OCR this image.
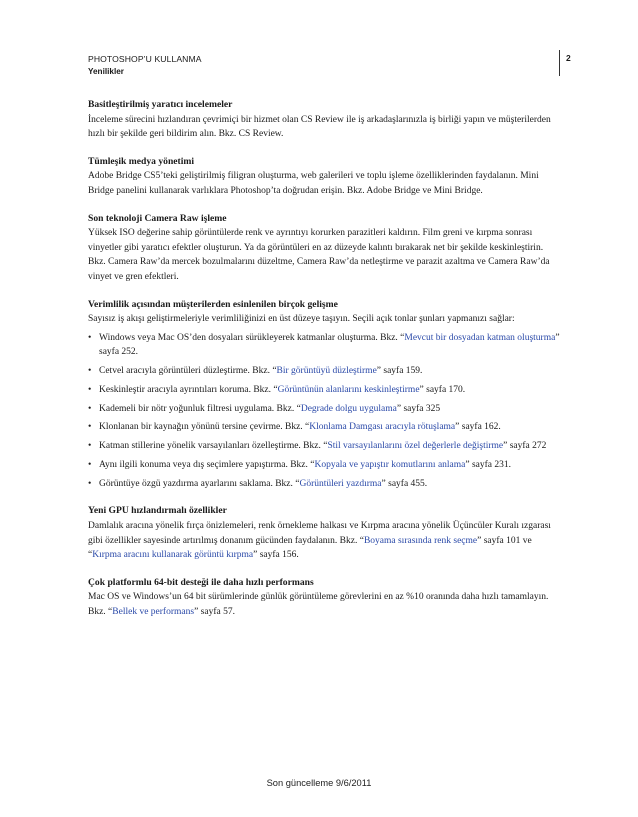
PHOTOSHOP’U KULLANMA
Yenilikler
2
Basitleştirilmiş yaratıcı incelemeler

İnceleme sürecini hızlandıran çevrimiçi bir hizmet olan CS Review ile iş arkadaşlarınızla iş birliği yapın ve müşterilerden hızlı bir şekilde geri bildirim alın. Bkz. CS Review.

Tümleşik medya yönetimi

Adobe Bridge CS5’teki geliştirilmiş filigran oluşturma, web galerileri ve toplu işleme özelliklerinden faydalanın. Mini Bridge panelini kullanarak varlıklara Photoshop’ta doğrudan erişin. Bkz. Adobe Bridge ve Mini Bridge.

Son teknoloji Camera Raw işleme

Yüksek ISO değerine sahip görüntülerde renk ve ayrıntıyı korurken parazitleri kaldırın. Film greni ve kırpma sonrası vinyetler gibi yaratıcı efektler oluşturun. Ya da görüntüleri en az düzeyde kalıntı bırakarak net bir şekilde keskinleştirin. Bkz. Camera Raw’da mercek bozulmalarını düzeltme, Camera Raw’da netleştirme ve parazit azaltma ve Camera Raw’da vinyet ve gren efektleri.

Verimlilik açısından müşterilerden esinlenilen birçok gelişme

Sayısız iş akışı geliştirmeleriyle verimliliğinizi en üst düzeye taşıyın. Seçili açık tonlar şunları yapmanızı sağlar:

• Windows veya Mac OS’den dosyaları sürükleyerek katmanlar oluşturma. Bkz. “Mevcut bir dosyadan katman oluşturma” sayfa 252.
• Cetvel aracıyla görüntüleri düzleştirme. Bkz. “Bir görüntüyü düzleştirme” sayfa 159.
• Keskinleştir aracıyla ayrıntıları koruma. Bkz. “Görüntünün alanlarını keskinleştirme” sayfa 170.
• Kademeli bir nötr yoğunluk filtresi uygulama. Bkz. “Degrade dolgu uygulama” sayfa 325
• Klonlanan bir kaynağın yönünü tersine çevirme. Bkz. “Klonlama Damgası aracıyla rötuşlama” sayfa 162.
• Katman stillerine yönelik varsayılanları özelleştirme. Bkz. “Stil varsayılanlarını özel değerlerle değiştirme” sayfa 272
• Aynı ilgili konuma veya dış seçimlere yapıştırma. Bkz. “Kopyala ve yapıştır komutlarını anlama” sayfa 231.
• Görüntüye özgü yazdırma ayarlarını saklama. Bkz. “Görüntüleri yazdırma” sayfa 455.
Yeni GPU hızlandırmalı özellikler

Damlalık aracına yönelik fırça önizlemeleri, renk örnekleme halkası ve Kırpma aracına yönelik Üçüncüler Kuralı ızgarası gibi özellikler sayesinde artırılmış donanım gücünden faydalanın. Bkz. “Boyama sırasında renk seçme” sayfa 101 ve “Kırpma aracını kullanarak görüntü kırpma” sayfa 156.

Çok platformlu 64-bit desteği ile daha hızlı performans

Mac OS ve Windows’un 64 bit sürümlerinde günlük görüntüleme görevlerini en az %10 oranında daha hızlı tamamlayın. Bkz. “Bellek ve performans” sayfa 57.

Son güncelleme 9/6/2011
